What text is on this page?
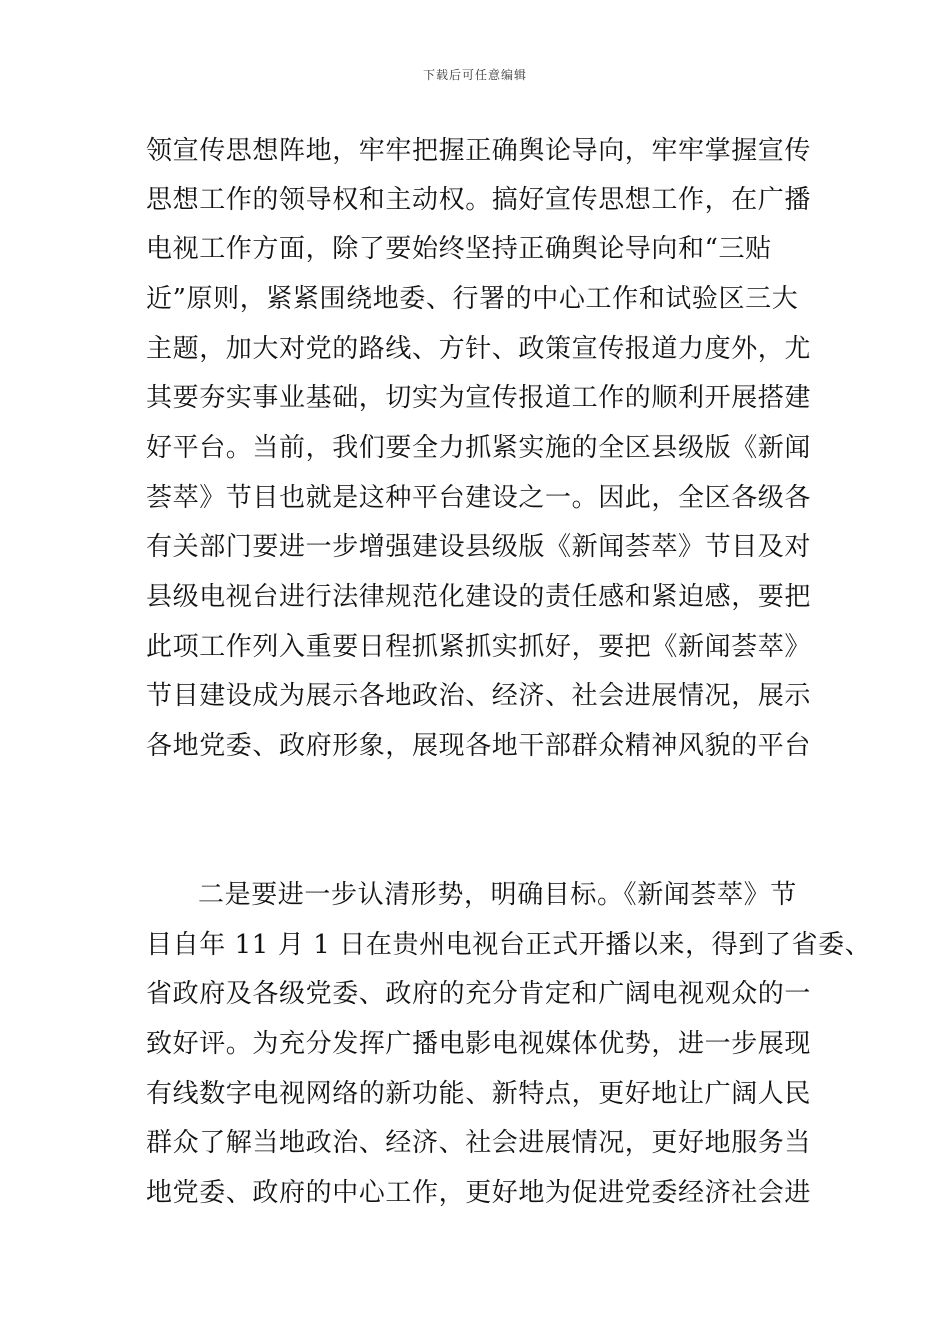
下载后可任意编辑
领宣传思想阵地，牢牢把握正确舆论导向，牢牢掌握宣传
思想工作的领导权和主动权。搞好宣传思想工作，在广播
电视工作方面，除了要始终坚持正确舆论导向和“三贴
近”原则，紧紧围绕地委、行署的中心工作和试验区三大
主题，加大对党的路线、方针、政策宣传报道力度外，尤
其要夯实事业基础，切实为宣传报道工作的顺利开展搭建
好平台。当前，我们要全力抓紧实施的全区县级版《新闻
荟萃》节目也就是这种平台建设之一。因此，全区各级各
有关部门要进一步增强建设县级版《新闻荟萃》节目及对
县级电视台进行法律规范化建设的责任感和紧迫感，要把
此项工作列入重要日程抓紧抓实抓好，要把《新闻荟萃》
节目建设成为展示各地政治、经济、社会进展情况，展示
各地党委、政府形象，展现各地干部群众精神风貌的平台
二是要进一步认清形势，明确目标。《新闻荟萃》节
目自年 11 月 1 日在贵州电视台正式开播以来，得到了省委、
省政府及各级党委、政府的充分肯定和广阔电视观众的一
致好评。为充分发挥广播电影电视媒体优势，进一步展现
有线数字电视网络的新功能、新特点，更好地让广阔人民
群众了解当地政治、经济、社会进展情况，更好地服务当
地党委、政府的中心工作，更好地为促进党委经济社会进
